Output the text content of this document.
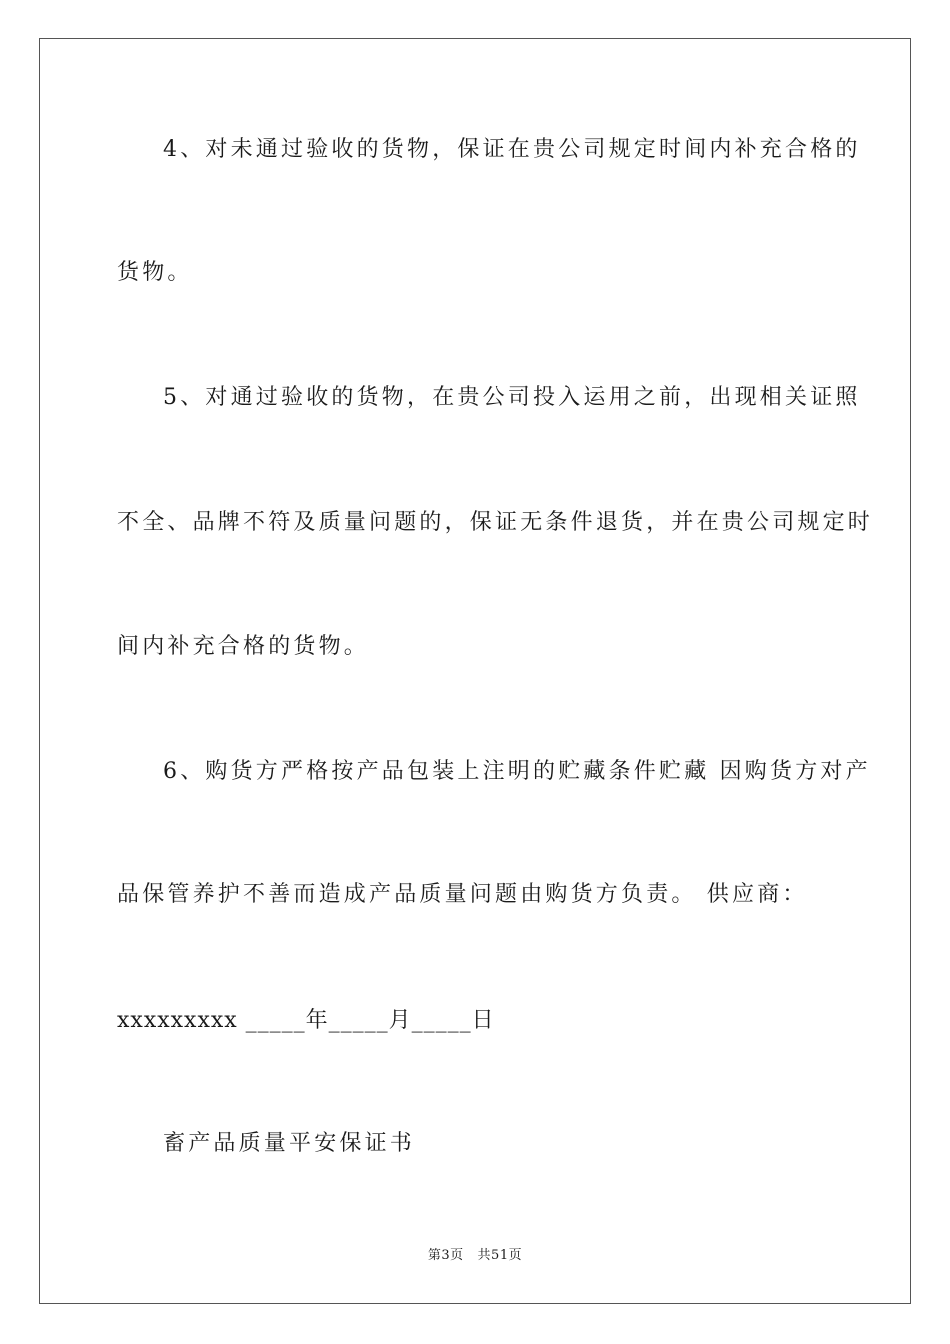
4、对未通过验收的货物，保证在贵公司规定时间内补充合格的
货物。
5、对通过验收的货物，在贵公司投入运用之前，出现相关证照
不全、品牌不符及质量问题的，保证无条件退货，并在贵公司规定时
间内补充合格的货物。
6、购货方严格按产品包装上注明的贮藏条件贮藏 因购货方对产
品保管养护不善而造成产品质量问题由购货方负责。 供应商：
xxxxxxxxx _____年_____月_____日
畜产品质量平安保证书
第3页   共51页
